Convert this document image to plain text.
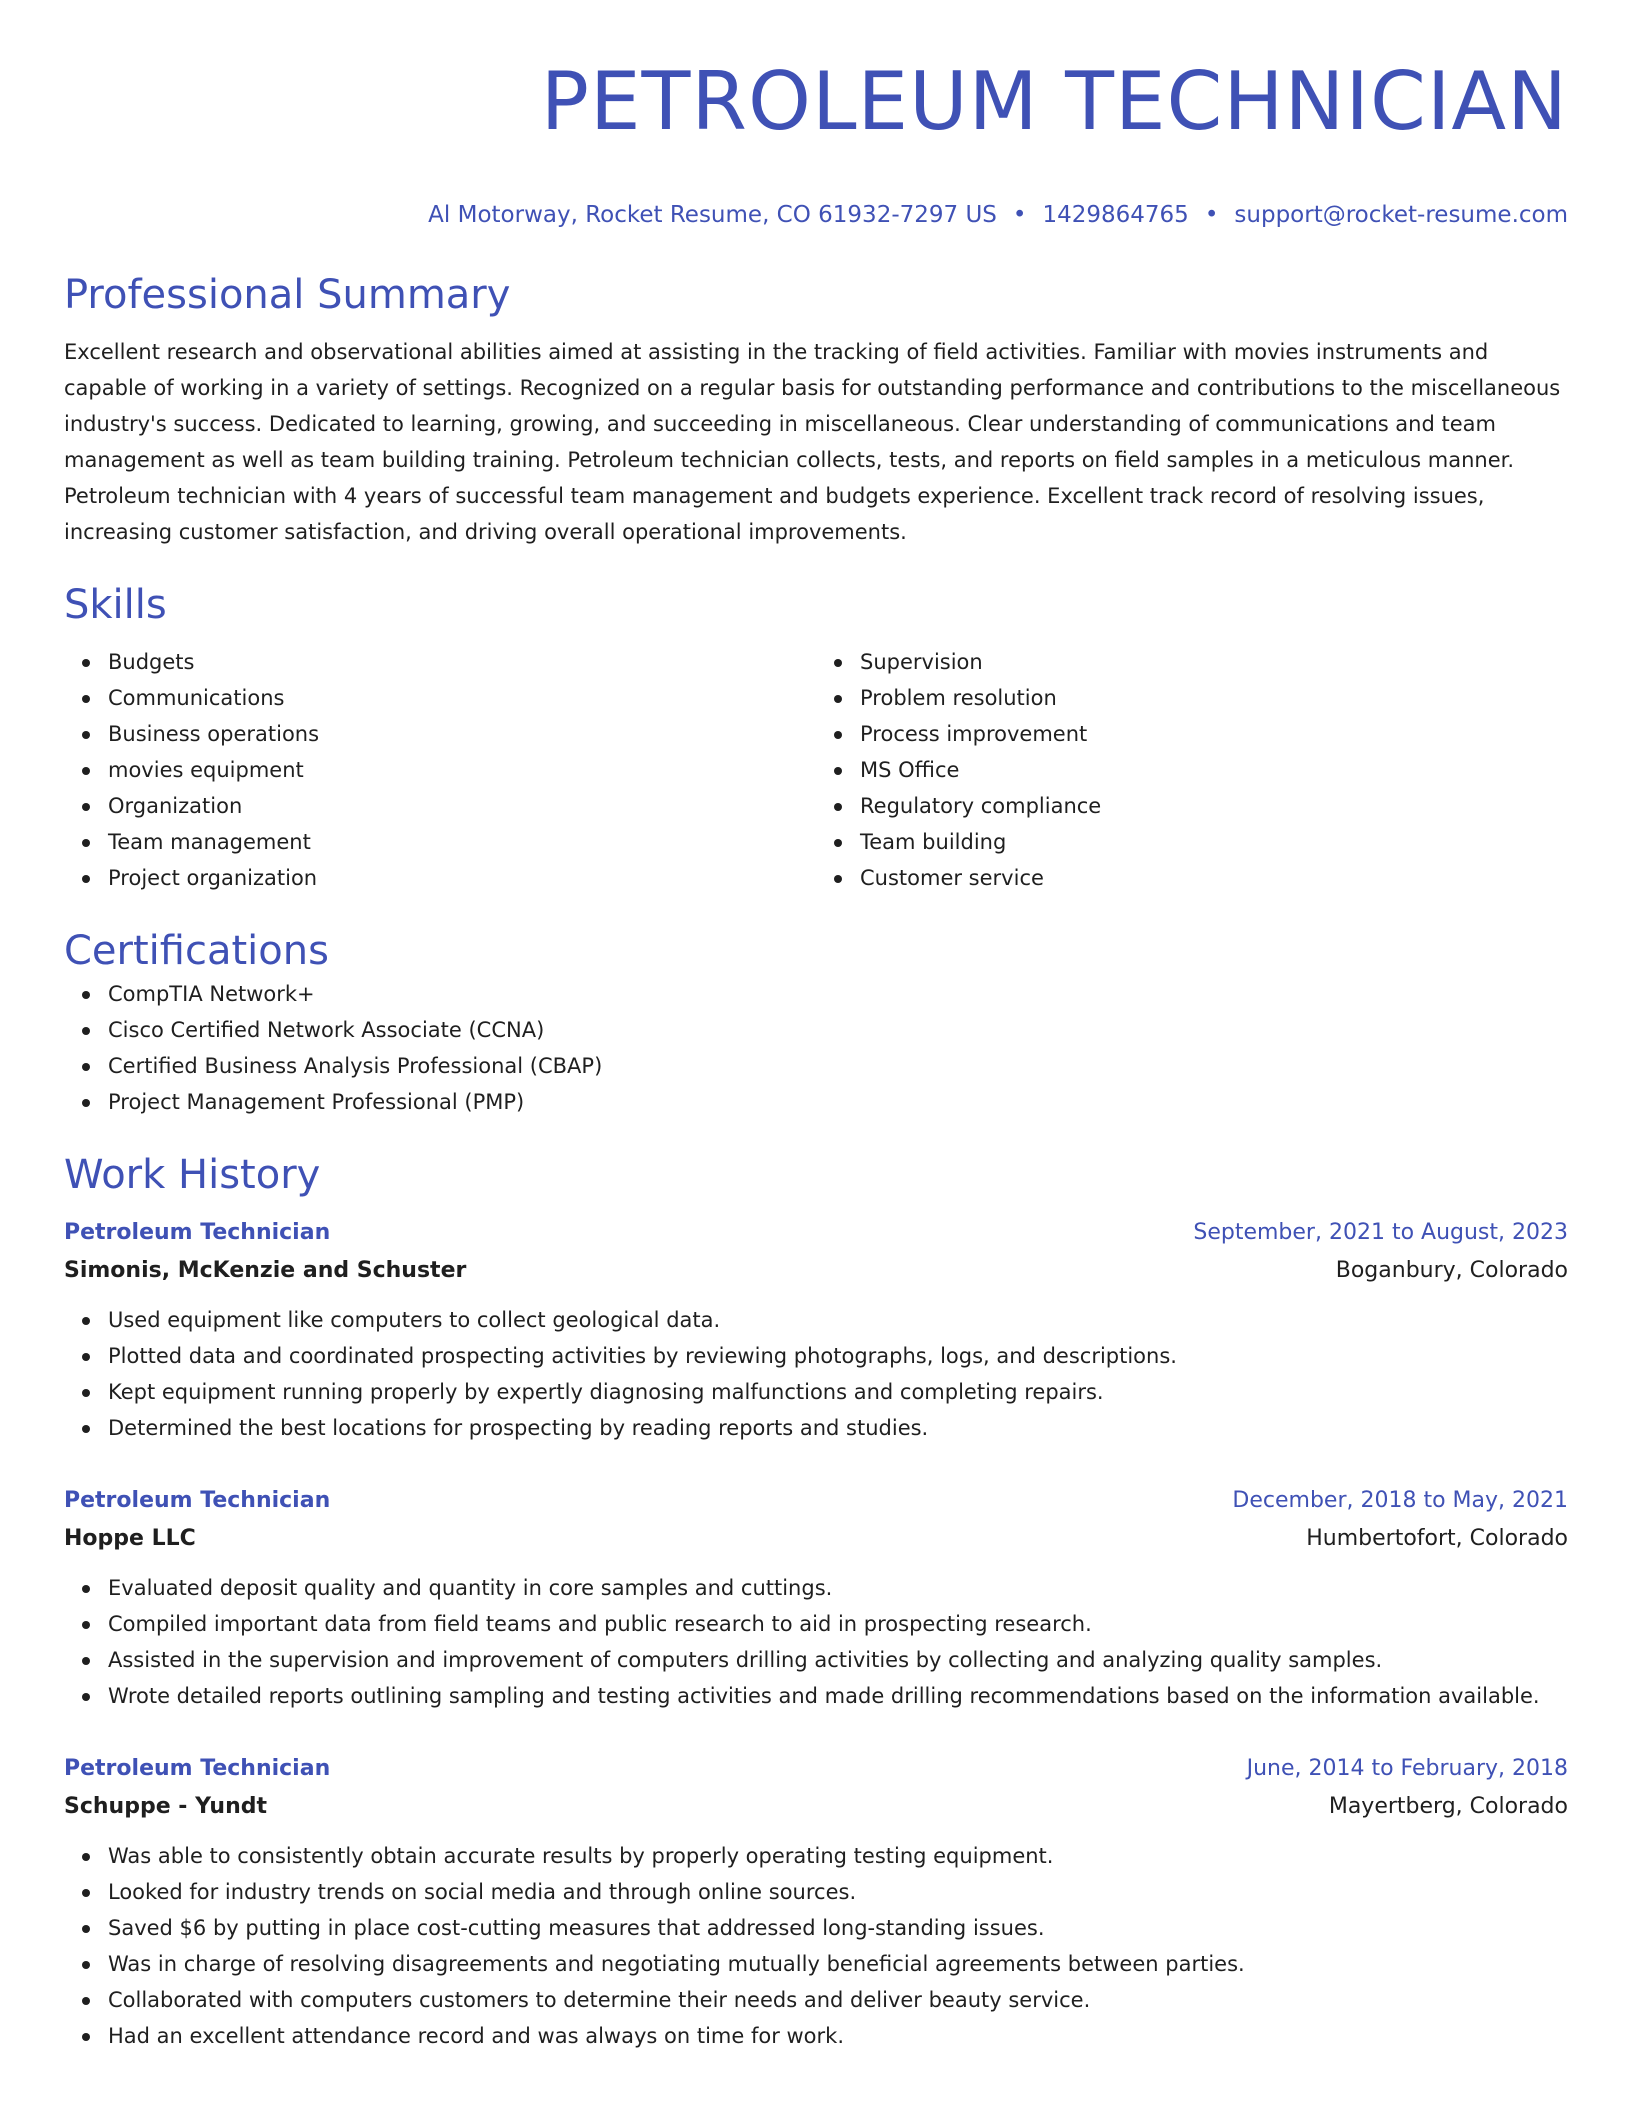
PETROLEUM TECHNICIAN
Al Motorway, Rocket Resume, CO 61932-7297 US • 1429864765 • support@rocket-resume.com
Professional Summary

Excellent research and observational abilities aimed at assisting in the tracking of field activities. Familiar with movies instruments and capable of working in a variety of settings. Recognized on a regular basis for outstanding performance and contributions to the miscellaneous industry's success. Dedicated to learning, growing, and succeeding in miscellaneous. Clear understanding of communications and team management as well as team building training. Petroleum technician collects, tests, and reports on field samples in a meticulous manner. Petroleum technician with 4 years of successful team management and budgets experience. Excellent track record of resolving issues, increasing customer satisfaction, and driving overall operational improvements.

Skills
Budgets
Communications
Business operations
movies equipment
Organization
Team management
Project organization
Supervision
Problem resolution
Process improvement
MS Office
Regulatory compliance
Team building
Customer service
Certifications
CompTIA Network+
Cisco Certified Network Associate (CCNA)
Certified Business Analysis Professional (CBAP)
Project Management Professional (PMP)
Work History
Petroleum Technician	September, 2021 to August, 2023
Simonis, McKenzie and Schuster	Boganbury, Colorado
Used equipment like computers to collect geological data.
Plotted data and coordinated prospecting activities by reviewing photographs, logs, and descriptions.
Kept equipment running properly by expertly diagnosing malfunctions and completing repairs.
Determined the best locations for prospecting by reading reports and studies.
Petroleum Technician	December, 2018 to May, 2021
Hoppe LLC	Humbertofort, Colorado
Evaluated deposit quality and quantity in core samples and cuttings.
Compiled important data from field teams and public research to aid in prospecting research.
Assisted in the supervision and improvement of computers drilling activities by collecting and analyzing quality samples.
Wrote detailed reports outlining sampling and testing activities and made drilling recommendations based on the information available.
Petroleum Technician	June, 2014 to February, 2018
Schuppe - Yundt	Mayertberg, Colorado
Was able to consistently obtain accurate results by properly operating testing equipment.
Looked for industry trends on social media and through online sources.
Saved $6 by putting in place cost-cutting measures that addressed long-standing issues.
Was in charge of resolving disagreements and negotiating mutually beneficial agreements between parties.
Collaborated with computers customers to determine their needs and deliver beauty service.
Had an excellent attendance record and was always on time for work.
